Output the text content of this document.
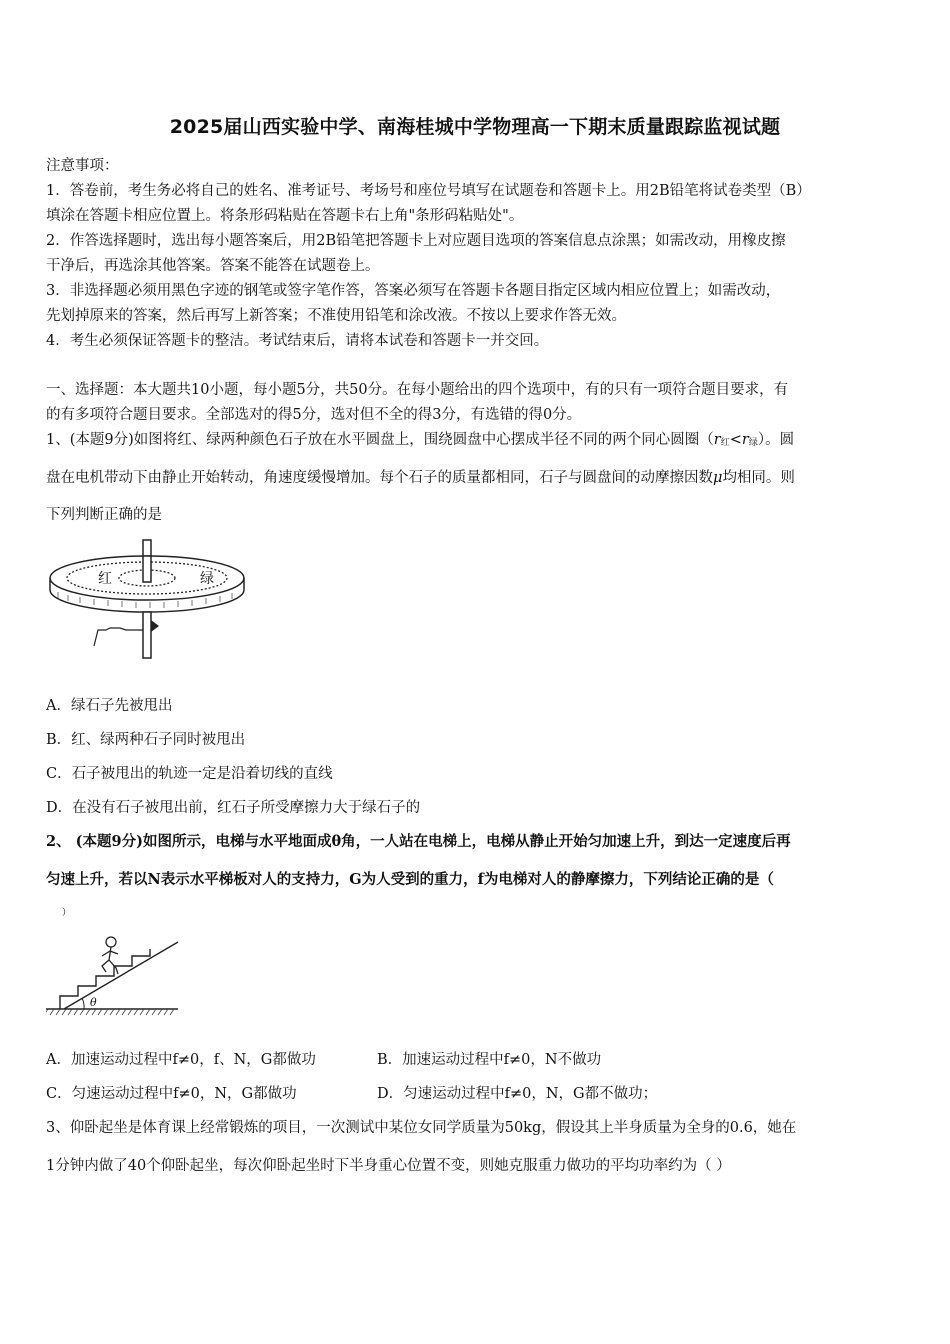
2025届山西实验中学、南海桂城中学物理高一下期末质量跟踪监视试题
注意事项：
1．答卷前，考生务必将自己的姓名、准考证号、考场号和座位号填写在试题卷和答题卡上。用2B铅笔将试卷类型（B）
填涂在答题卡相应位置上。将条形码粘贴在答题卡右上角"条形码粘贴处"。
2．作答选择题时，选出每小题答案后，用2B铅笔把答题卡上对应题目选项的答案信息点涂黑；如需改动，用橡皮擦
干净后，再选涂其他答案。答案不能答在试题卷上。
3．非选择题必须用黑色字迹的钢笔或签字笔作答，答案必须写在答题卡各题目指定区域内相应位置上；如需改动，
先划掉原来的答案，然后再写上新答案；不准使用铅笔和涂改液。不按以上要求作答无效。
4．考生必须保证答题卡的整洁。考试结束后，请将本试卷和答题卡一并交回。
一、选择题：本大题共10小题，每小题5分，共50分。在每小题给出的四个选项中，有的只有一项符合题目要求，有
的有多项符合题目要求。全部选对的得5分，选对但不全的得3分，有选错的得0分。
1、(本题9分)如图将红、绿两种颜色石子放在水平圆盘上，围绕圆盘中心摆成半径不同的两个同心圆圈$(r_红<r_绿)$。圆
盘在电机带动下由静止开始转动，角速度缓慢增加。每个石子的质量都相同，石子与圆盘间的动摩擦因数μ均相同。则
下列判断正确的是
红	绿
A．绿石子先被甩出
B．红、绿两种石子同时被甩出
C．石子被甩出的轨迹一定是沿着切线的直线
D．在没有石子被甩出前，红石子所受摩擦力大于绿石子的
2、 (本题9分)如图所示，电梯与水平地面成θ角，一人站在电梯上，电梯从静止开始匀加速上升，到达一定速度后再
匀速上升，若以N表示水平梯板对人的支持力，G为人受到的重力，f为电梯对人的静摩擦力，下列结论正确的是（
）
θ
A．加速运动过程中f≠0，f、N，G都做功	B．加速运动过程中f≠0，N不做功
C．匀速运动过程中f≠0，N，G都做功	D．匀速运动过程中f≠0，N，G都不做功；
3、仰卧起坐是体育课上经常锻炼的项目，一次测试中某位女同学质量为50kg，假设其上半身质量为全身的0.6，她在
1分钟内做了40个仰卧起坐，每次仰卧起坐时下半身重心位置不变，则她克服重力做功的平均功率约为（ ）
